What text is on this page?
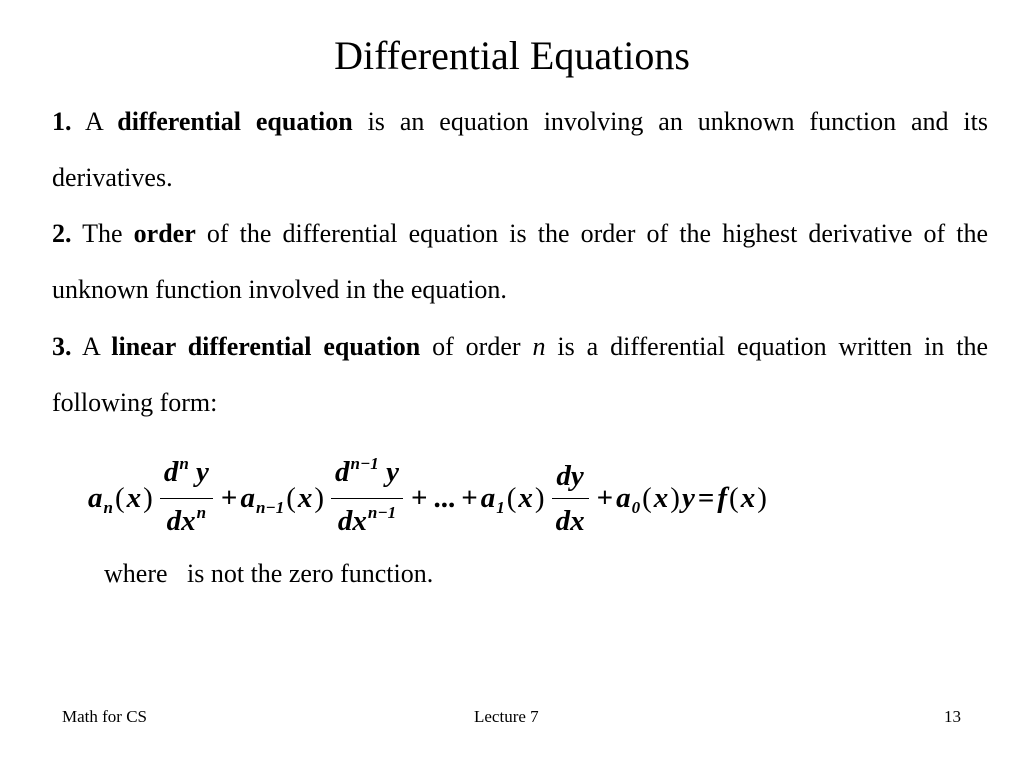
Differential Equations
1. A differential equation is an equation involving an unknown function and its derivatives.
2. The order of the differential equation is the order of the highest derivative of the unknown function involved in the equation.
3. A linear differential equation of order n is a differential equation written in the following form:
a n ( x ) $\frac{d^n y}{dx^n} + a$ n−1 ( x ) $\frac{d^{n-1} y}{dx^{n-1}}$ + ... + a 1 ( x ) $\frac{dy}{dx} + a$ 0 ( x ) y = f ( x )
where   is not the zero function.
Math for CS	Lecture 7	13
